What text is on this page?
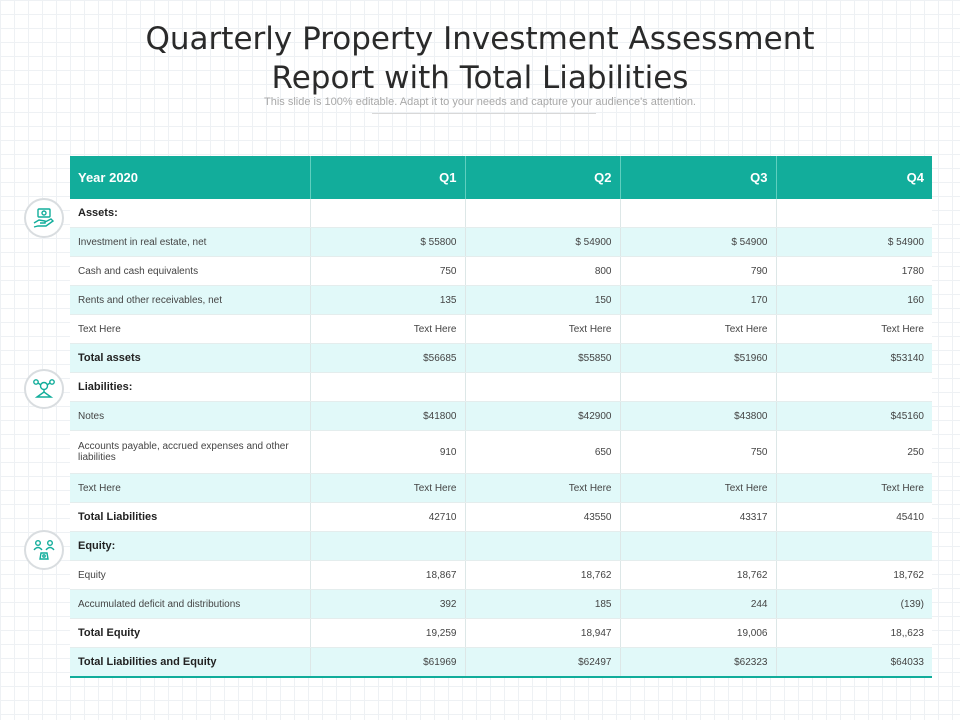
Quarterly Property Investment Assessment
Report with Total Liabilities
This slide is 100% editable. Adapt it to your needs and capture your audience's attention.
Year 2020	Q1	Q2	Q3	Q4
Assets:				
Investment in real estate, net	$ 55800	$ 54900	$ 54900	$ 54900
Cash and cash equivalents	750	800	790	1780
Rents and other receivables, net	135	150	170	160
Text Here	Text Here	Text Here	Text Here	Text Here
Total assets	$56685	$55850	$51960	$53140
Liabilities:				
Notes	$41800	$42900	$43800	$45160
Accounts payable, accrued expenses and other liabilities	910	650	750	250
Text Here	Text Here	Text Here	Text Here	Text Here
Total Liabilities	42710	43550	43317	45410
Equity:				
Equity	18,867	18,762	18,762	18,762
Accumulated deficit and distributions	392	185	244	(139)
Total Equity	19,259	18,947	19,006	18,,623
Total Liabilities and Equity	$61969	$62497	$62323	$64033
